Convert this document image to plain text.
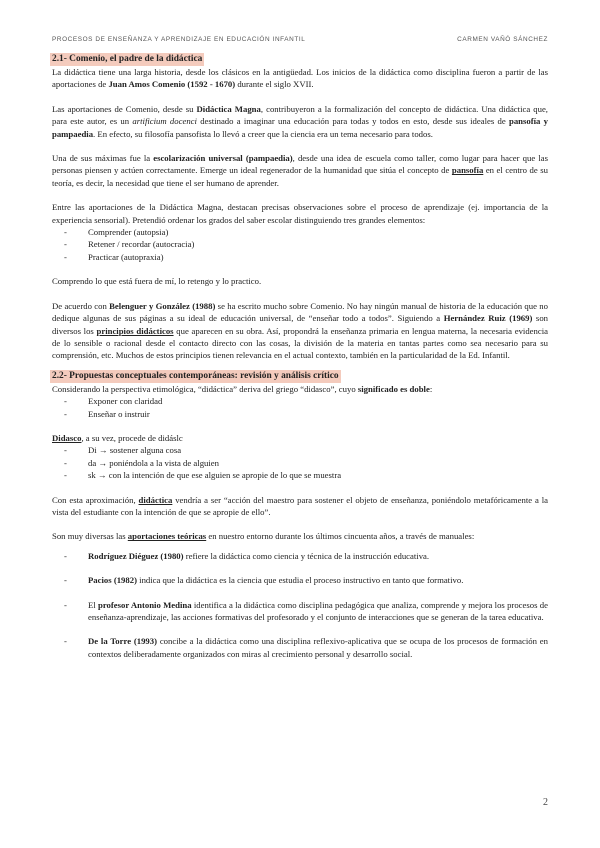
PROCESOS DE ENSEÑANZA Y APRENDIZAJE EN EDUCACIÓN INFANTIL	CARMEN VAÑÓ SÁNCHEZ
2.1- Comenio, el padre de la didáctica

La didáctica tiene una larga historia, desde los clásicos en la antigüedad. Los inicios de la didáctica como disciplina fueron a partir de las aportaciones de Juan Amos Comenio (1592 - 1670) durante el siglo XVII.

Las aportaciones de Comenio, desde su Didáctica Magna, contribuyeron a la formalización del concepto de didáctica. Una didáctica que, para este autor, es un artificium docenci destinado a imaginar una educación para todas y todos en esto, desde sus ideales de pansofía y pampaedia. En efecto, su filosofía pansofista lo llevó a creer que la ciencia era un tema necesario para todos.

Una de sus máximas fue la escolarización universal (pampaedia), desde una idea de escuela como taller, como lugar para hacer que las personas piensen y actúen correctamente. Emerge un ideal regenerador de la humanidad que sitúa el concepto de pansofía en el centro de su teoría, es decir, la necesidad que tiene el ser humano de aprender.

Entre las aportaciones de la Didáctica Magna, destacan precisas observaciones sobre el proceso de aprendizaje (ej. importancia de la experiencia sensorial). Pretendió ordenar los grados del saber escolar distinguiendo tres grandes elementos:

- Comprender (autopsia)
- Retener / recordar (autocracia)
- Practicar (autopraxia)

Comprendo lo que está fuera de mí, lo retengo y lo practico.

De acuerdo con Belenguer y González (1988) se ha escrito mucho sobre Comenio. No hay ningún manual de historia de la educación que no dedique algunas de sus páginas a su ideal de educación universal, de “enseñar todo a todos”. Siguiendo a Hernández Ruiz (1969) son diversos los principios didácticos que aparecen en su obra. Así, propondrá la enseñanza primaria en lengua materna, la necesaria evidencia de lo sensible o racional desde el contacto directo con las cosas, la división de la materia en tantas partes como sea necesario para su comprensión, etc. Muchos de estos principios tienen relevancia en el actual contexto, también en la particularidad de la Ed. Infantil.

2.2- Propuestas conceptuales contemporáneas: revisión y análisis crítico

Considerando la perspectiva etimológica, “didáctica” deriva del griego “didasco”, cuyo significado es doble:

- Exponer con claridad
- Enseñar o instruir

Didasco, a su vez, procede de didáslc

- Di → sostener alguna cosa
- da → poniéndola a la vista de alguien
- sk → con la intención de que ese alguien se apropie de lo que se muestra

Con esta aproximación, didáctica vendría a ser “acción del maestro para sostener el objeto de enseñanza, poniéndolo metafóricamente a la vista del estudiante con la intención de que se apropie de ello”.

Son muy diversas las aportaciones teóricas en nuestro entorno durante los últimos cincuenta años, a través de manuales:

- Rodríguez Diéguez (1980) refiere la didáctica como ciencia y técnica de la instrucción educativa.
- Pacios (1982) indica que la didáctica es la ciencia que estudia el proceso instructivo en tanto que formativo.
- El profesor Antonio Medina identifica a la didáctica como disciplina pedagógica que analiza, comprende y mejora los procesos de enseñanza-aprendizaje, las acciones formativas del profesorado y el conjunto de interacciones que se generan de la tarea educativa.
- De la Torre (1993) concibe a la didáctica como una disciplina reflexivo-aplicativa que se ocupa de los procesos de formación en contextos deliberadamente organizados con miras al crecimiento personal y desarrollo social.
2
